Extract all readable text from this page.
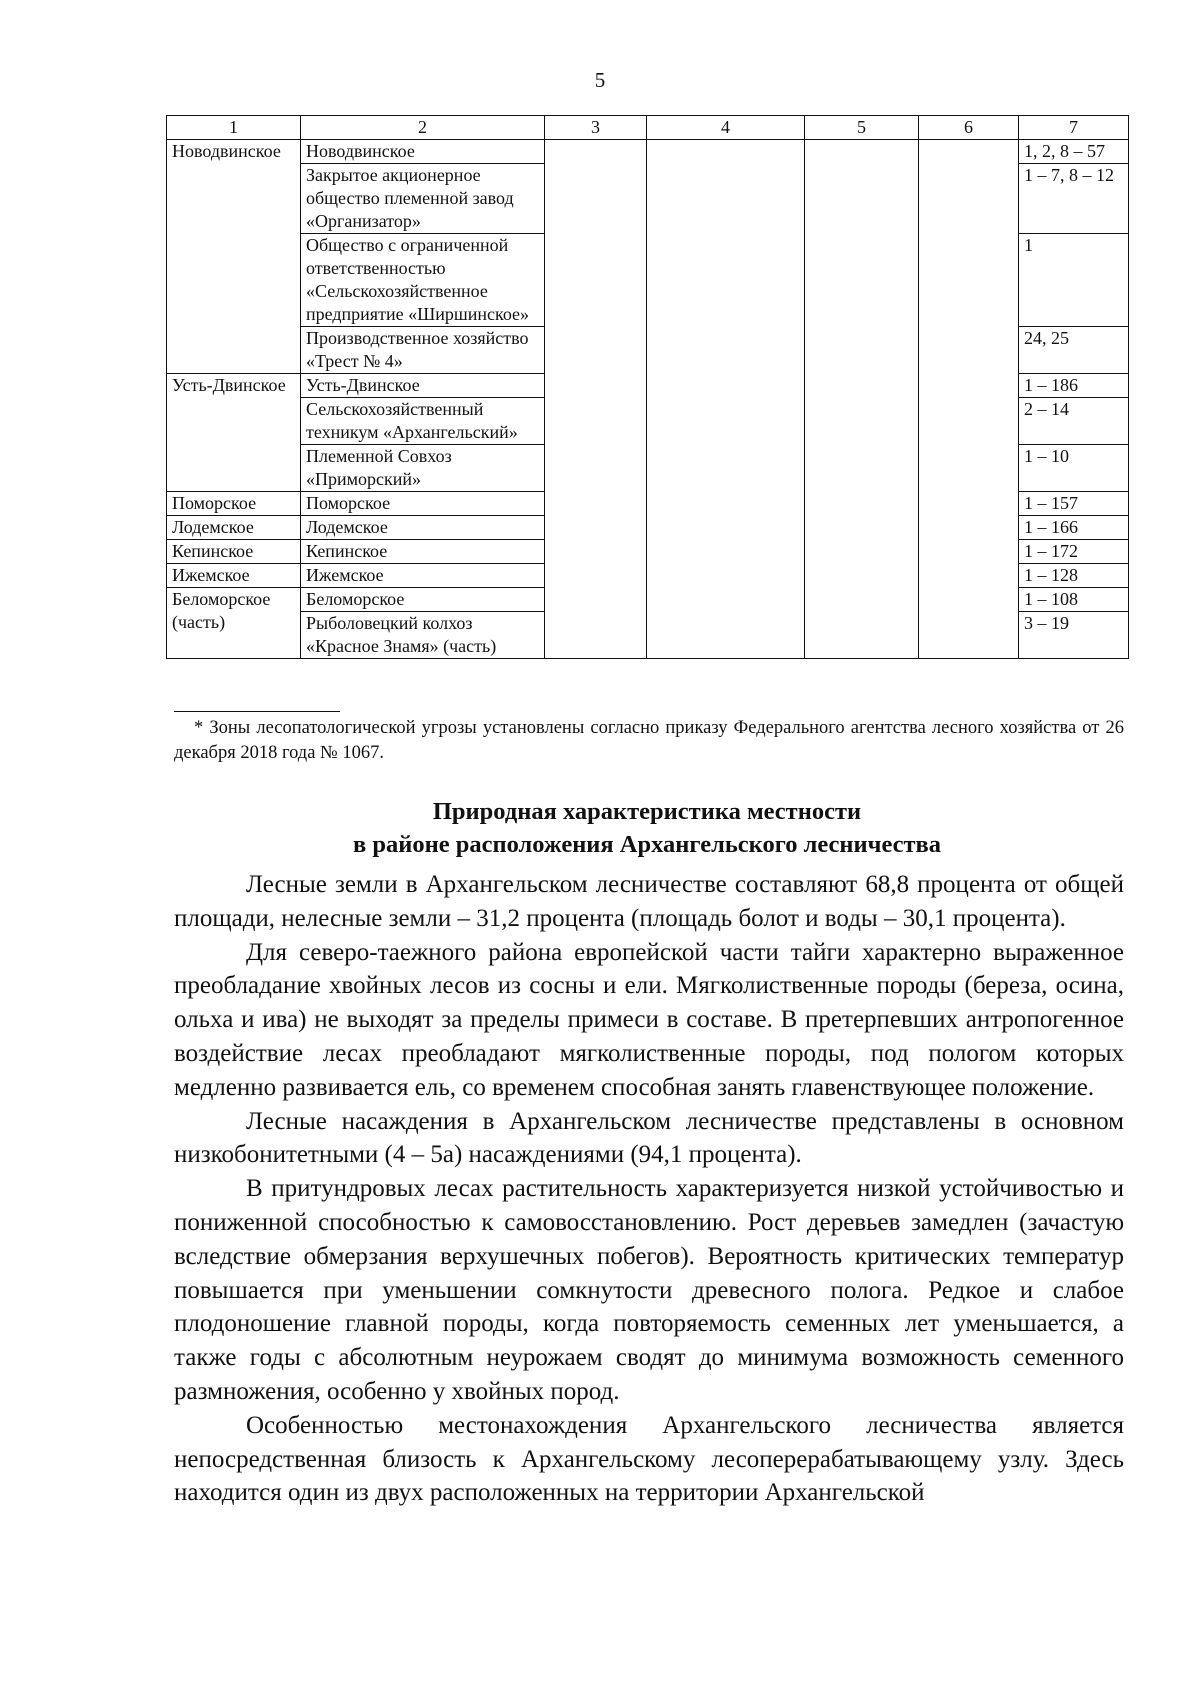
5
1	2	3	4	5	6	7
Новодвинское	Новодвинское					1, 2, 8 – 57
	Закрытое акционерное общество племенной завод «Организатор»					1 – 7, 8 – 12
	Общество с ограниченной ответственностью «Сельскохозяйственное предприятие «Ширшинское»					1
	Производственное хозяйство «Трест № 4»					24, 25
Усть-Двинское	Усть-Двинское					1 – 186
	Сельскохозяйственный техникум «Архангельский»					2 – 14
	Племенной Совхоз «Приморский»					1 – 10
Поморское	Поморское					1 – 157
Лодемское	Лодемское					1 – 166
Кепинское	Кепинское					1 – 172
Ижемское	Ижемское					1 – 128
Беломорское (часть)	Беломорское					1 – 108
	Рыболовецкий колхоз «Красное Знамя» (часть)					3 – 19

* Зоны лесопатологической угрозы установлены согласно приказу Федерального агентства лесного хозяйства от 26 декабря 2018 года № 1067.

Природная характеристика местности
в районе расположения Архангельского лесничества

Лесные земли в Архангельском лесничестве составляют 68,8 процента от общей площади, нелесные земли – 31,2 процента (площадь болот и воды – 30,1 процента).

Для северо-таежного района европейской части тайги характерно выраженное преобладание хвойных лесов из сосны и ели. Мягколиственные породы (береза, осина, ольха и ива) не выходят за пределы примеси в составе. В претерпевших антропогенное воздействие лесах преобладают мягколиственные породы, под пологом которых медленно развивается ель, со временем способная занять главенствующее положение.

Лесные насаждения в Архангельском лесничестве представлены в основном низкобонитетными (4 – 5а) насаждениями (94,1 процента).

В притундровых лесах растительность характеризуется низкой устойчивостью и пониженной способностью к самовосстановлению. Рост деревьев замедлен (зачастую вследствие обмерзания верхушечных побегов). Вероятность критических температур повышается при уменьшении сомкнутости древесного полога. Редкое и слабое плодоношение главной породы, когда повторяемость семенных лет уменьшается, а также годы с абсолютным неурожаем сводят до минимума возможность семенного размножения, особенно у хвойных пород.

Особенностью местонахождения Архангельского лесничества является непосредственная близость к Архангельскому лесоперерабатывающему узлу. Здесь находится один из двух расположенных на территории Архангельской
